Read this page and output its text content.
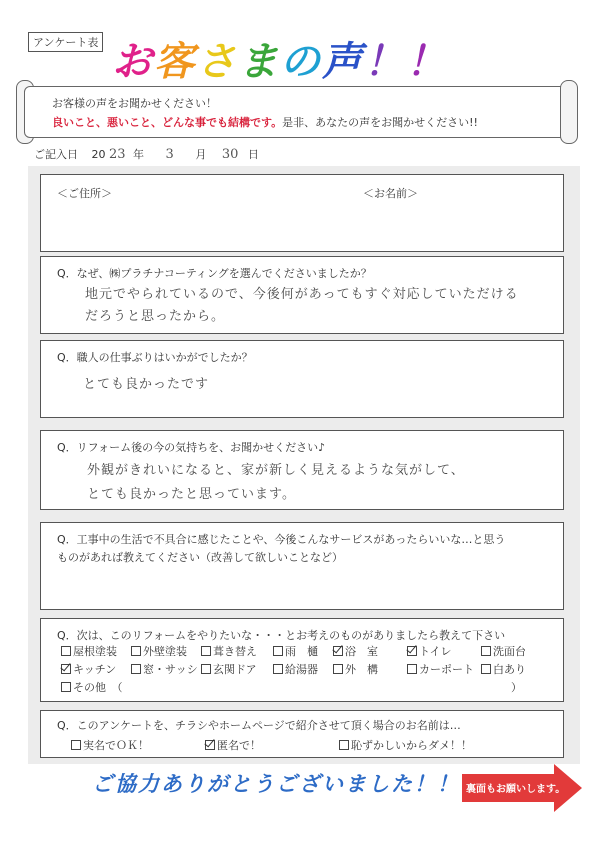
アンケート表 お客さまの声！！
お客様の声をお聞かせください！
良いこと、悪いこと、どんな事でも結構です。是非、あなたの声をお聞かせください!!
ご記入日 20 23 年 3 月 30 日
＜ご住所＞	＜お名前＞
Q．なぜ、㈱プラチナコーティングを選んでくださいましたか？
地元でやられているので、今後何があってもすぐ対応していただける
だろうと思ったから。
Q．職人の仕事ぶりはいかがでしたか？
とても良かったです
Q．リフォーム後の今の気持ちを、お聞かせください♪
外観がきれいになると、家が新しく見えるような気がして、
とても良かったと思っています。
Q．工事中の生活で不具合に感じたことや、今後こんなサービスがあったらいいな…と思う
ものがあれば教えてください（改善して欲しいことなど）
Q．次は、このリフォームをやりたいな・・・とお考えのものがありましたら教えて下さい
屋根塗装	外壁塗装	葺き替え	雨　樋	浴　室	トイレ	洗面台
キッチン	窓・サッシ	玄関ドア	給湯器	外　構	カーポート	白あり
その他　（	）
Q．このアンケートを、チラシやホームページで紹介させて頂く場合のお名前は…
実名でＯＫ！	匿名で！	恥ずかしいからダメ！！
ご協力ありがとうございました！！ 裏面もお願いします。
